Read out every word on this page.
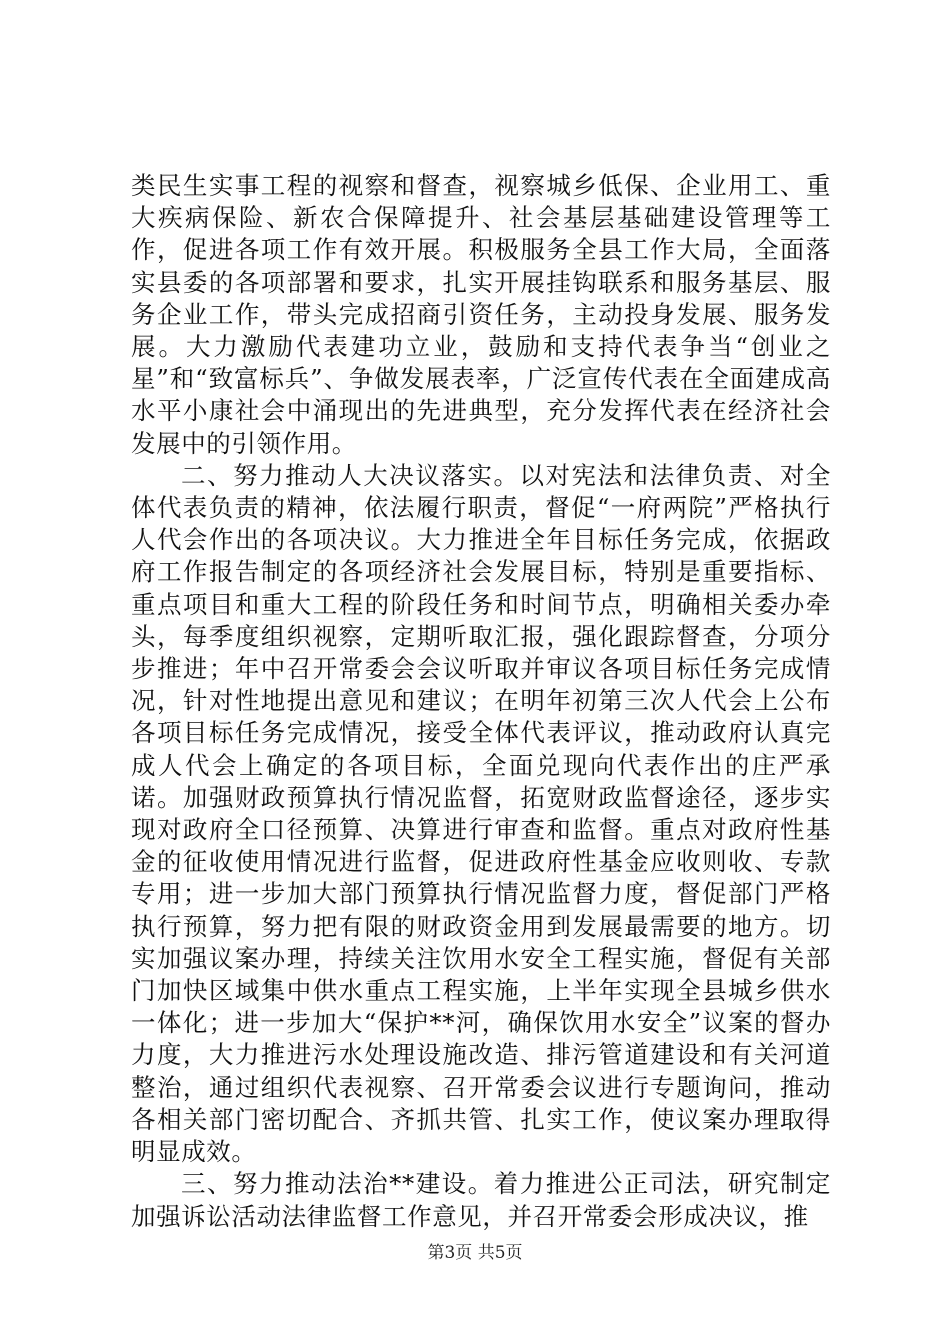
类民生实事工程的视察和督查，视察城乡低保、企业用工、重大疾病保险、新农合保障提升、社会基层基础建设管理等工作，促进各项工作有效开展。积极服务全县工作大局，全面落实县委的各项部署和要求，扎实开展挂钩联系和服务基层、服务企业工作，带头完成招商引资任务，主动投身发展、服务发展。大力激励代表建功立业，鼓励和支持代表争当“创业之星”和“致富标兵”、争做发展表率，广泛宣传代表在全面建成高水平小康社会中涌现出的先进典型，充分发挥代表在经济社会发展中的引领作用。

二、努力推动人大决议落实。以对宪法和法律负责、对全体代表负责的精神，依法履行职责，督促“一府两院”严格执行人代会作出的各项决议。大力推进全年目标任务完成，依据政府工作报告制定的各项经济社会发展目标，特别是重要指标、重点项目和重大工程的阶段任务和时间节点，明确相关委办牵头，每季度组织视察，定期听取汇报，强化跟踪督查，分项分步推进；年中召开常委会会议听取并审议各项目标任务完成情况，针对性地提出意见和建议；在明年初第三次人代会上公布各项目标任务完成情况，接受全体代表评议，推动政府认真完成人代会上确定的各项目标，全面兑现向代表作出的庄严承诺。加强财政预算执行情况监督，拓宽财政监督途径，逐步实现对政府全口径预算、决算进行审查和监督。重点对政府性基金的征收使用情况进行监督，促进政府性基金应收则收、专款专用；进一步加大部门预算执行情况监督力度，督促部门严格执行预算，努力把有限的财政资金用到发展最需要的地方。切实加强议案办理，持续关注饮用水安全工程实施，督促有关部门加快区域集中供水重点工程实施，上半年实现全县城乡供水一体化；进一步加大“保护**河，确保饮用水安全”议案的督办力度，大力推进污水处理设施改造、排污管道建设和有关河道整治，通过组织代表视察、召开常委会议进行专题询问，推动各相关部门密切配合、齐抓共管、扎实工作，使议案办理取得明显成效。

三、努力推动法治**建设。着力推进公正司法，研究制定加强诉讼活动法律监督工作意见，并召开常委会形成决议，推

第3页 共5页
